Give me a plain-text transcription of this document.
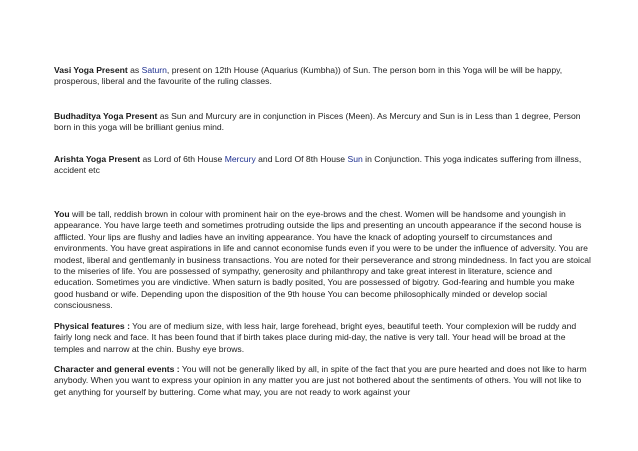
Vasi Yoga Present as Saturn, present on 12th House (Aquarius (Kumbha)) of Sun. The person born in this Yoga will be will be happy, prosperous, liberal and the favourite of the ruling classes.

Budhaditya Yoga Present as Sun and Murcury are in conjunction in Pisces (Meen). As Mercury and Sun is in Less than 1 degree, Person born in this yoga will be brilliant genius mind.

Arishta Yoga Present as Lord of 6th House Mercury and Lord Of 8th House Sun in Conjunction. This yoga indicates suffering from illness, accident etc

You will be tall, reddish brown in colour with prominent hair on the eye-brows and the chest. Women will be handsome and youngish in appearance. You have large teeth and sometimes protruding outside the lips and presenting an uncouth appearance if the second house is afflicted. Your lips are flushy and ladies have an inviting appearance. You have the knack of adopting yourself to circumstances and environments. You have great aspirations in life and cannot economise funds even if you were to be under the influence of adversity. You are modest, liberal and gentlemanly in business transactions. You are noted for their perseverance and strong mindedness. In fact you are stoical to the miseries of life. You are possessed of sympathy, generosity and philanthropy and take great interest in literature, science and education. Sometimes you are vindictive. When saturn is badly posited, You are possessed of bigotry. God-fearing and humble you make good husband or wife. Depending upon the disposition of the 9th house You can become philosophically minded or develop social consciousness.

Physical features : You are of medium size, with less hair, large forehead, bright eyes, beautiful teeth. Your complexion will be ruddy and fairly long neck and face. It has been found that if birth takes place during mid-day, the native is very tall. Your head will be broad at the temples and narrow at the chin. Bushy eye brows.

Character and general events : You will not be generally liked by all, in spite of the fact that you are pure hearted and does not like to harm anybody. When you want to express your opinion in any matter you are just not bothered about the sentiments of others. You will not like to get anything for yourself by buttering. Come what may, you are not ready to work against your
